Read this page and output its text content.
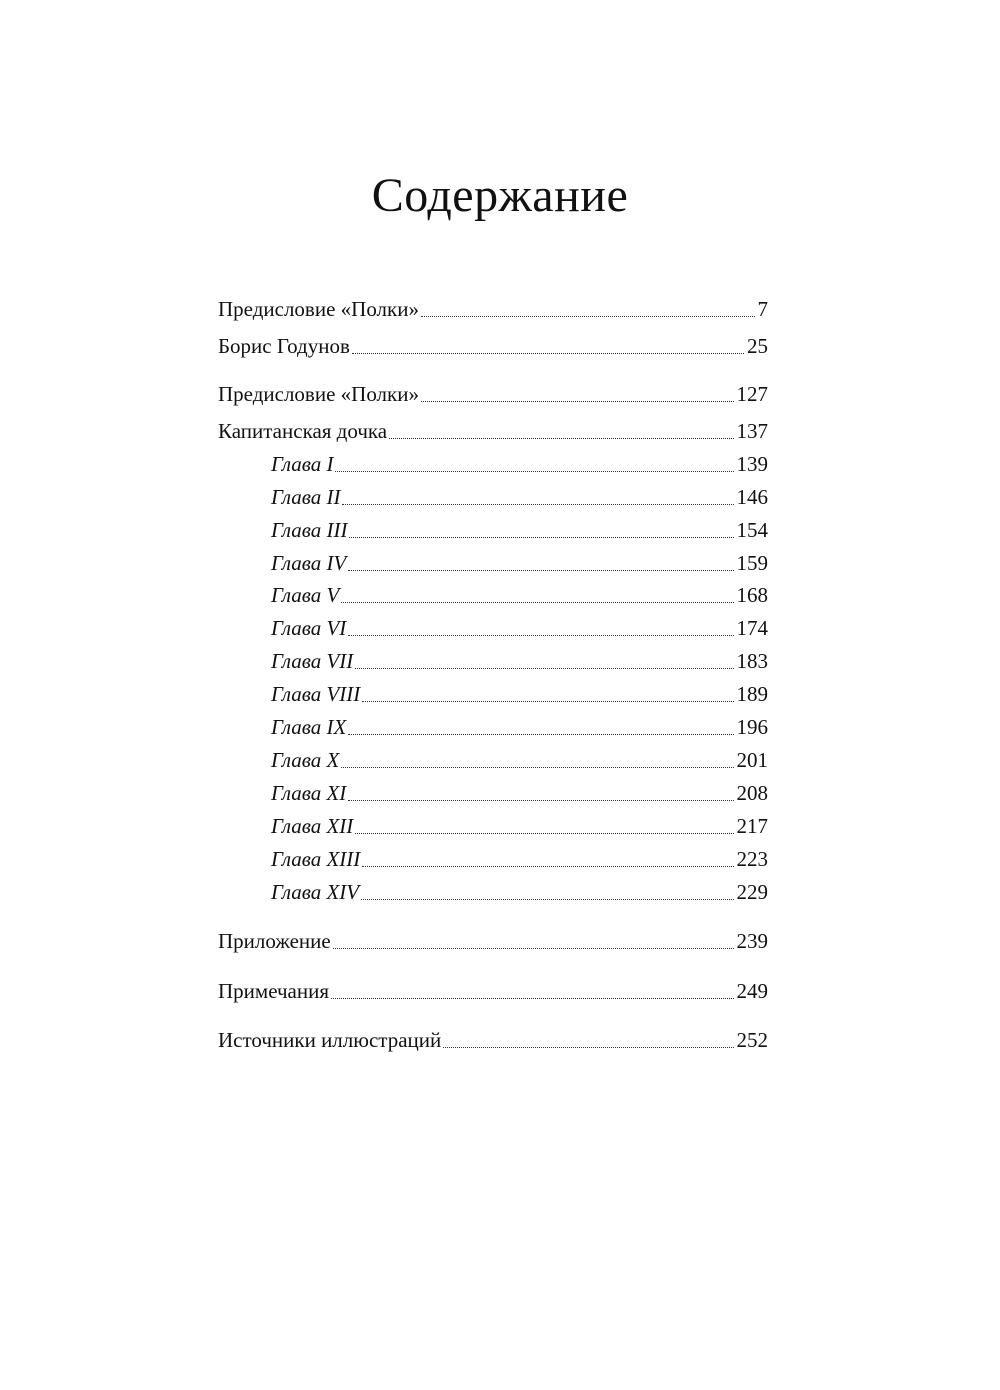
Содержание
Предисловие «Полки»	7
Борис Годунов	25
Предисловие «Полки»	127
Капитанская дочка	137
Глава I	139
Глава II	146
Глава III	154
Глава IV	159
Глава V	168
Глава VI	174
Глава VII	183
Глава VIII	189
Глава IX	196
Глава X	201
Глава XI	208
Глава XII	217
Глава XIII	223
Глава XIV	229
Приложение	239
Примечания	249
Источники иллюстраций	252
